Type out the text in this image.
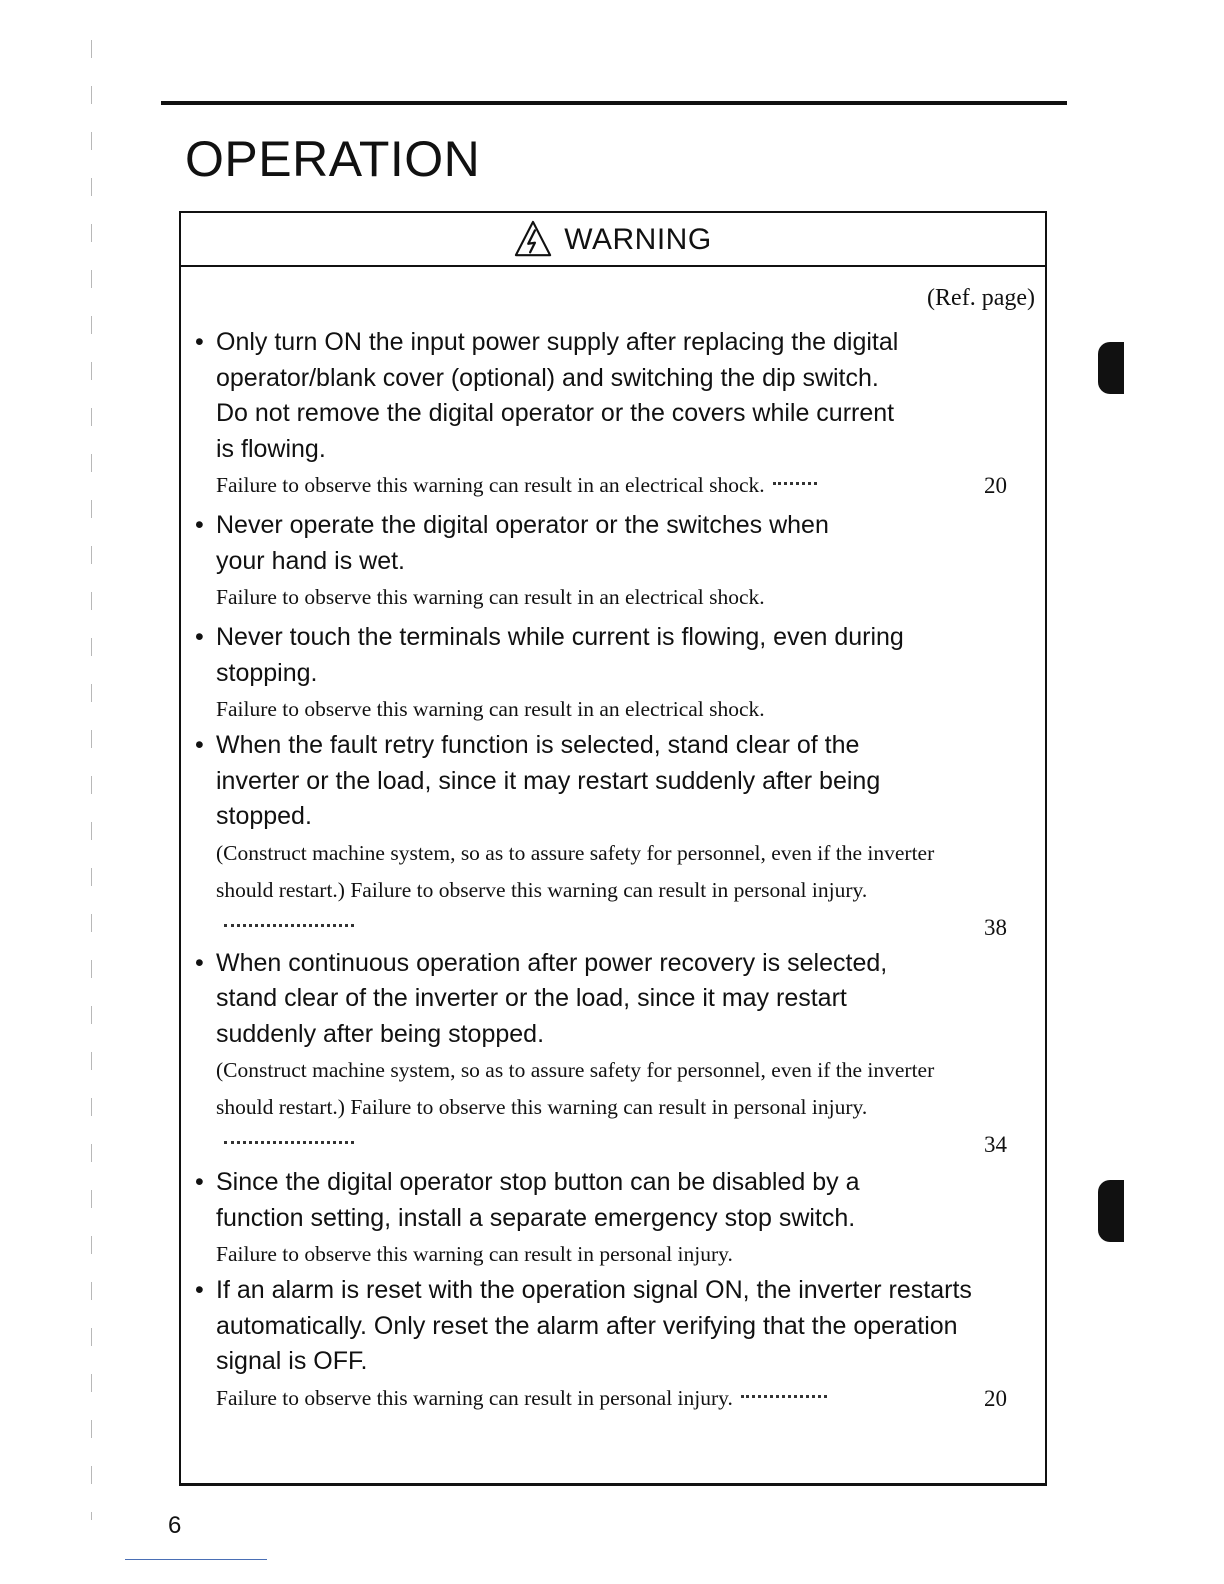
OPERATION
WARNING
(Ref. page)
• Only turn ON the input power supply after replacing the digital operator/blank cover (optional) and switching the dip switch. Do not remove the digital operator or the covers while current is flowing.
Failure to observe this warning can result in an electrical shock.	20
• Never operate the digital operator or the switches when your hand is wet.
Failure to observe this warning can result in an electrical shock.
• Never touch the terminals while current is flowing, even during stopping.
Failure to observe this warning can result in an electrical shock.
• When the fault retry function is selected, stand clear of the inverter or the load, since it may restart suddenly after being stopped.
(Construct machine system, so as to assure safety for personnel, even if the inverter should restart.) Failure to observe this warning can result in personal injury.
38
• When continuous operation after power recovery is selected, stand clear of the inverter or the load, since it may restart suddenly after being stopped.
(Construct machine system, so as to assure safety for personnel, even if the inverter should restart.) Failure to observe this warning can result in personal injury.
34
• Since the digital operator stop button can be disabled by a function setting, install a separate emergency stop switch.
Failure to observe this warning can result in personal injury.
• If an alarm is reset with the operation signal ON, the inverter restarts automatically. Only reset the alarm after verifying that the operation signal is OFF.
Failure to observe this warning can result in personal injury.	20
6
